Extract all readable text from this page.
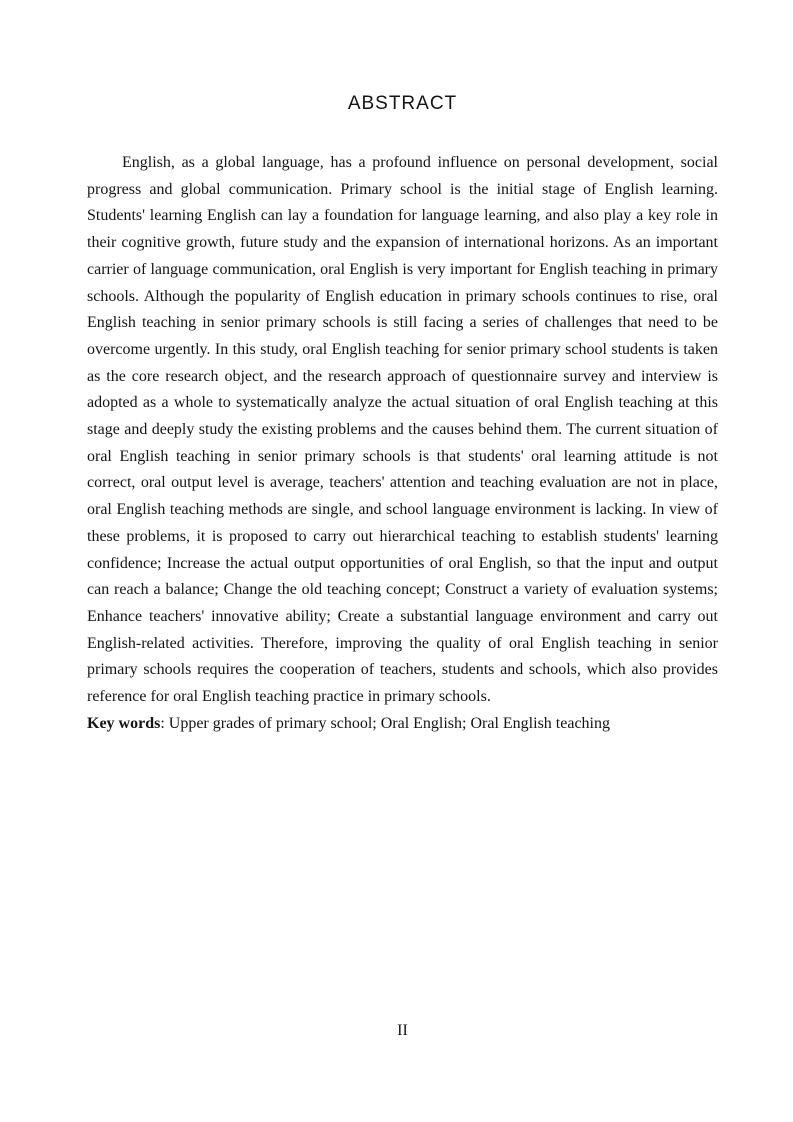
ABSTRACT

English, as a global language, has a profound influence on personal development, social progress and global communication. Primary school is the initial stage of English learning. Students' learning English can lay a foundation for language learning, and also play a key role in their cognitive growth, future study and the expansion of international horizons. As an important carrier of language communication, oral English is very important for English teaching in primary schools. Although the popularity of English education in primary schools continues to rise, oral English teaching in senior primary schools is still facing a series of challenges that need to be overcome urgently. In this study, oral English teaching for senior primary school students is taken as the core research object, and the research approach of questionnaire survey and interview is adopted as a whole to systematically analyze the actual situation of oral English teaching at this stage and deeply study the existing problems and the causes behind them. The current situation of oral English teaching in senior primary schools is that students' oral learning attitude is not correct, oral output level is average, teachers' attention and teaching evaluation are not in place, oral English teaching methods are single, and school language environment is lacking. In view of these problems, it is proposed to carry out hierarchical teaching to establish students' learning confidence; Increase the actual output opportunities of oral English, so that the input and output can reach a balance; Change the old teaching concept; Construct a variety of evaluation systems; Enhance teachers' innovative ability; Create a substantial language environment and carry out English-related activities. Therefore, improving the quality of oral English teaching in senior primary schools requires the cooperation of teachers, students and schools, which also provides reference for oral English teaching practice in primary schools.

Key words: Upper grades of primary school; Oral English; Oral English teaching

II
